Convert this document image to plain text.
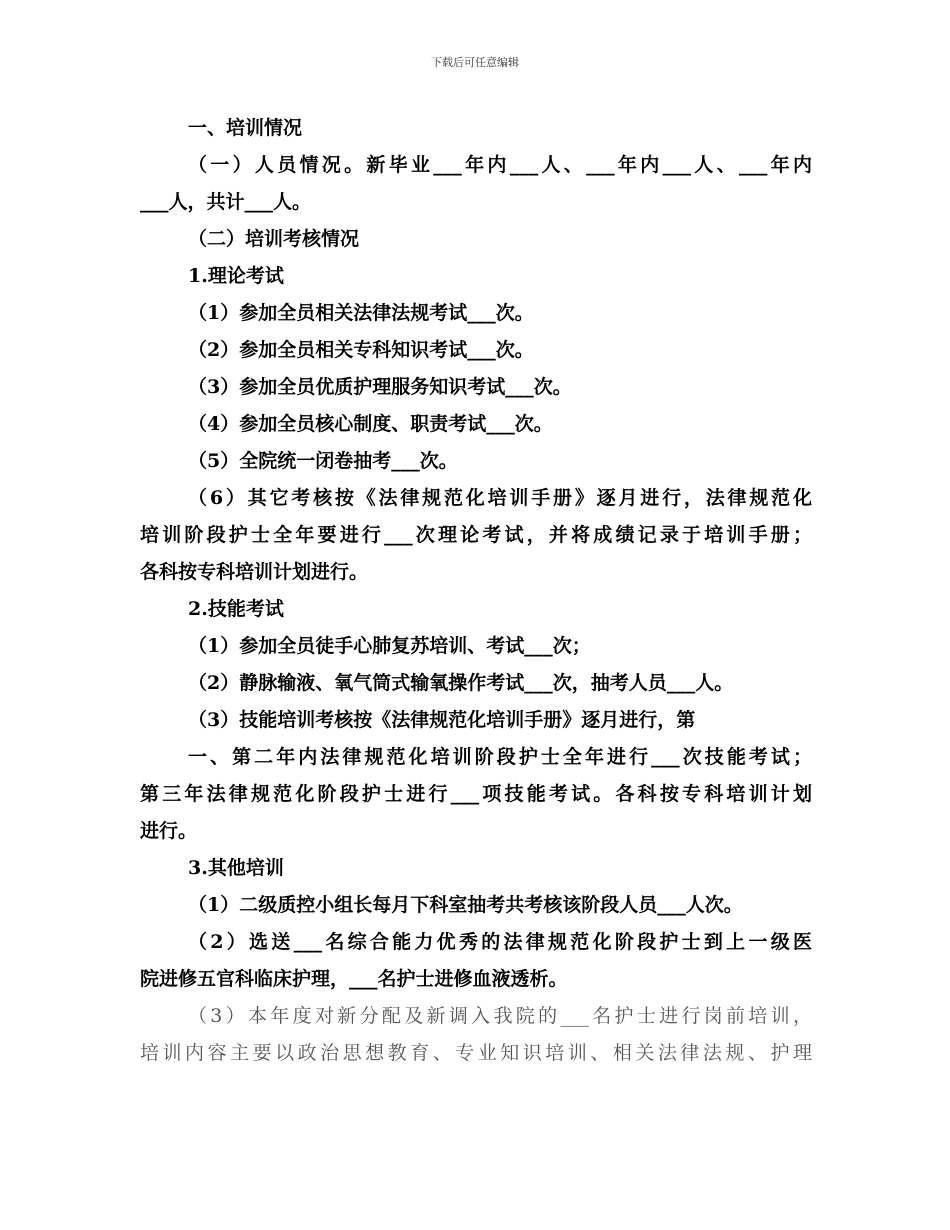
下载后可任意编辑
一、培训情况
（一）人员情况。新毕业___年内___人、___年内___人、___年内
___人，共计___人。
（二）培训考核情况
1.理论考试
（1）参加全员相关法律法规考试___次。
（2）参加全员相关专科知识考试___次。
（3）参加全员优质护理服务知识考试___次。
（4）参加全员核心制度、职责考试___次。
（5）全院统一闭卷抽考___次。
（6）其它考核按《法律规范化培训手册》逐月进行，法律规范化
培训阶段护士全年要进行___次理论考试，并将成绩记录于培训手册；
各科按专科培训计划进行。
2.技能考试
（1）参加全员徒手心肺复苏培训、考试___次；
（2）静脉输液、氧气筒式输氧操作考试___次，抽考人员___人。
（3）技能培训考核按《法律规范化培训手册》逐月进行，第
一、第二年内法律规范化培训阶段护士全年进行___次技能考试；
第三年法律规范化阶段护士进行___项技能考试。各科按专科培训计划
进行。
3.其他培训
（1）二级质控小组长每月下科室抽考共考核该阶段人员___人次。
（2）选送___名综合能力优秀的法律规范化阶段护士到上一级医
院进修五官科临床护理，___名护士进修血液透析。
（3）本年度对新分配及新调入我院的___名护士进行岗前培训，
培训内容主要以政治思想教育、专业知识培训、相关法律法规、护理
